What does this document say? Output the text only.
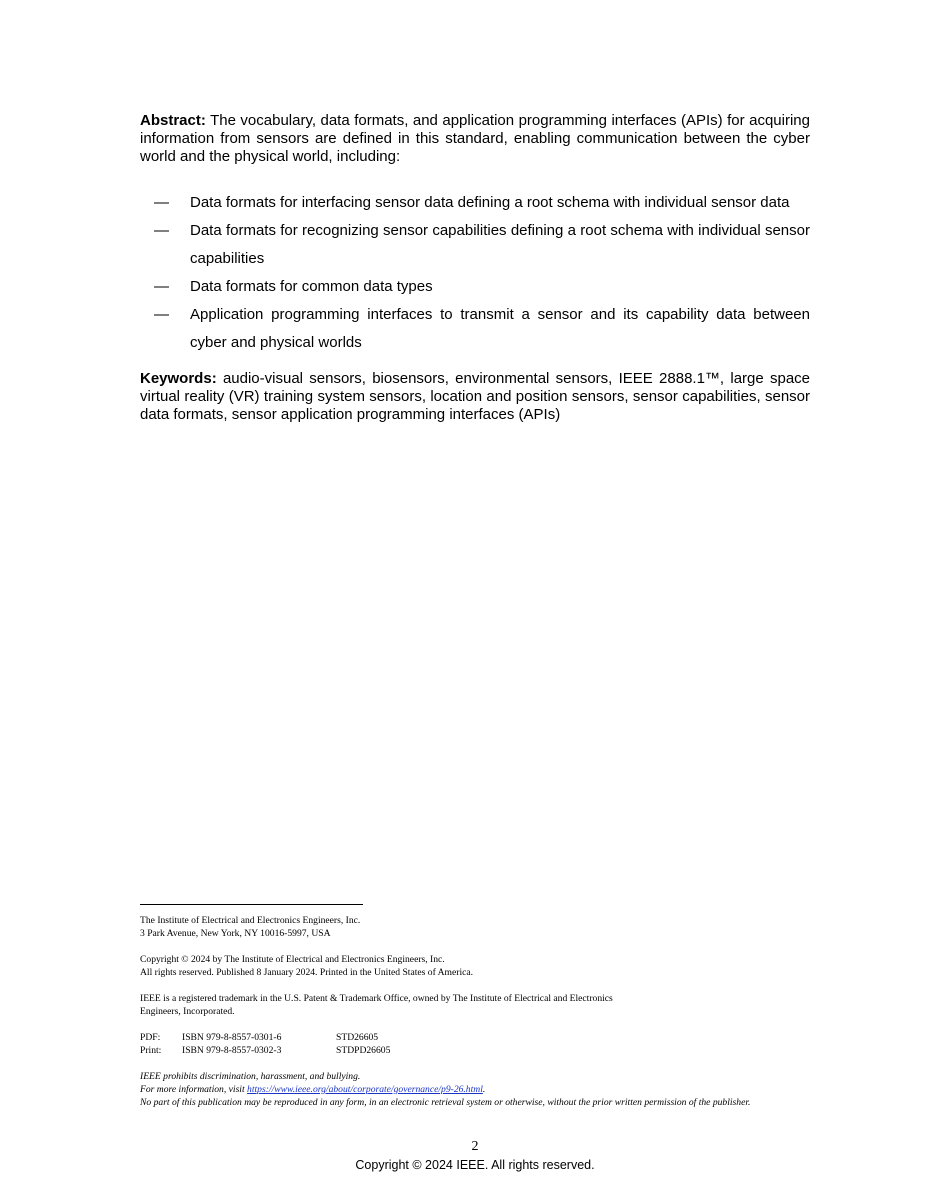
Abstract: The vocabulary, data formats, and application programming interfaces (APIs) for acquiring information from sensors are defined in this standard, enabling communication between the cyber world and the physical world, including:

— Data formats for interfacing sensor data defining a root schema with individual sensor data
— Data formats for recognizing sensor capabilities defining a root schema with individual sensor capabilities
— Data formats for common data types
— Application programming interfaces to transmit a sensor and its capability data between cyber and physical worlds

Keywords: audio-visual sensors, biosensors, environmental sensors, IEEE 2888.1™, large space virtual reality (VR) training system sensors, location and position sensors, sensor capabilities, sensor data formats, sensor application programming interfaces (APIs)

The Institute of Electrical and Electronics Engineers, Inc.

3 Park Avenue, New York, NY 10016-5997, USA

Copyright © 2024 by The Institute of Electrical and Electronics Engineers, Inc.

All rights reserved. Published 8 January 2024. Printed in the United States of America.

IEEE is a registered trademark in the U.S. Patent & Trademark Office, owned by The Institute of Electrical and Electronics

Engineers, Incorporated.

PDF:	ISBN 979-8-8557-0301-6	STD26605
Print:	ISBN 979-8-8557-0302-3	STDPD26605

IEEE prohibits discrimination, harassment, and bullying.

For more information, visit https://www.ieee.org/about/corporate/governance/p9-26.html.

No part of this publication may be reproduced in any form, in an electronic retrieval system or otherwise, without the prior written permission of the publisher.

2
Copyright © 2024 IEEE. All rights reserved.
